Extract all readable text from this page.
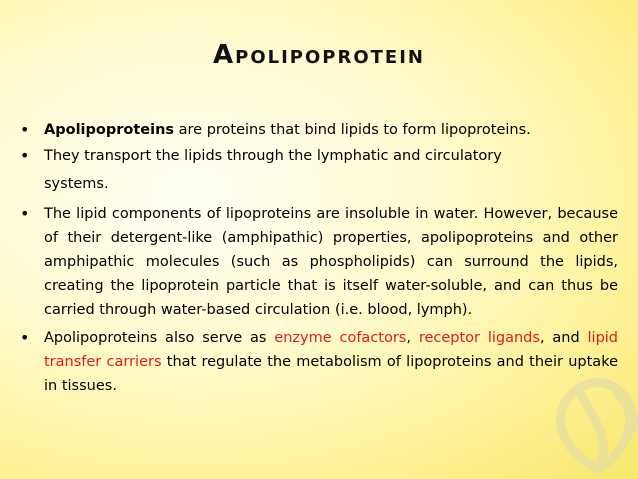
Apolipoprotein
• Apolipoproteins are proteins that bind lipids to form lipoproteins.
• They transport the lipids through the lymphatic and circulatory
systems.
• The lipid components of lipoproteins are insoluble in water. However, because of their detergent-like (amphipathic) properties, apolipoproteins and other amphipathic molecules (such as phospholipids) can surround the lipids, creating the lipoprotein particle that is itself water-soluble, and can thus be carried through water-based circulation (i.e. blood, lymph).
• Apolipoproteins also serve as enzyme cofactors, receptor ligands, and lipid transfer carriers that regulate the metabolism of lipoproteins and their uptake in tissues.
